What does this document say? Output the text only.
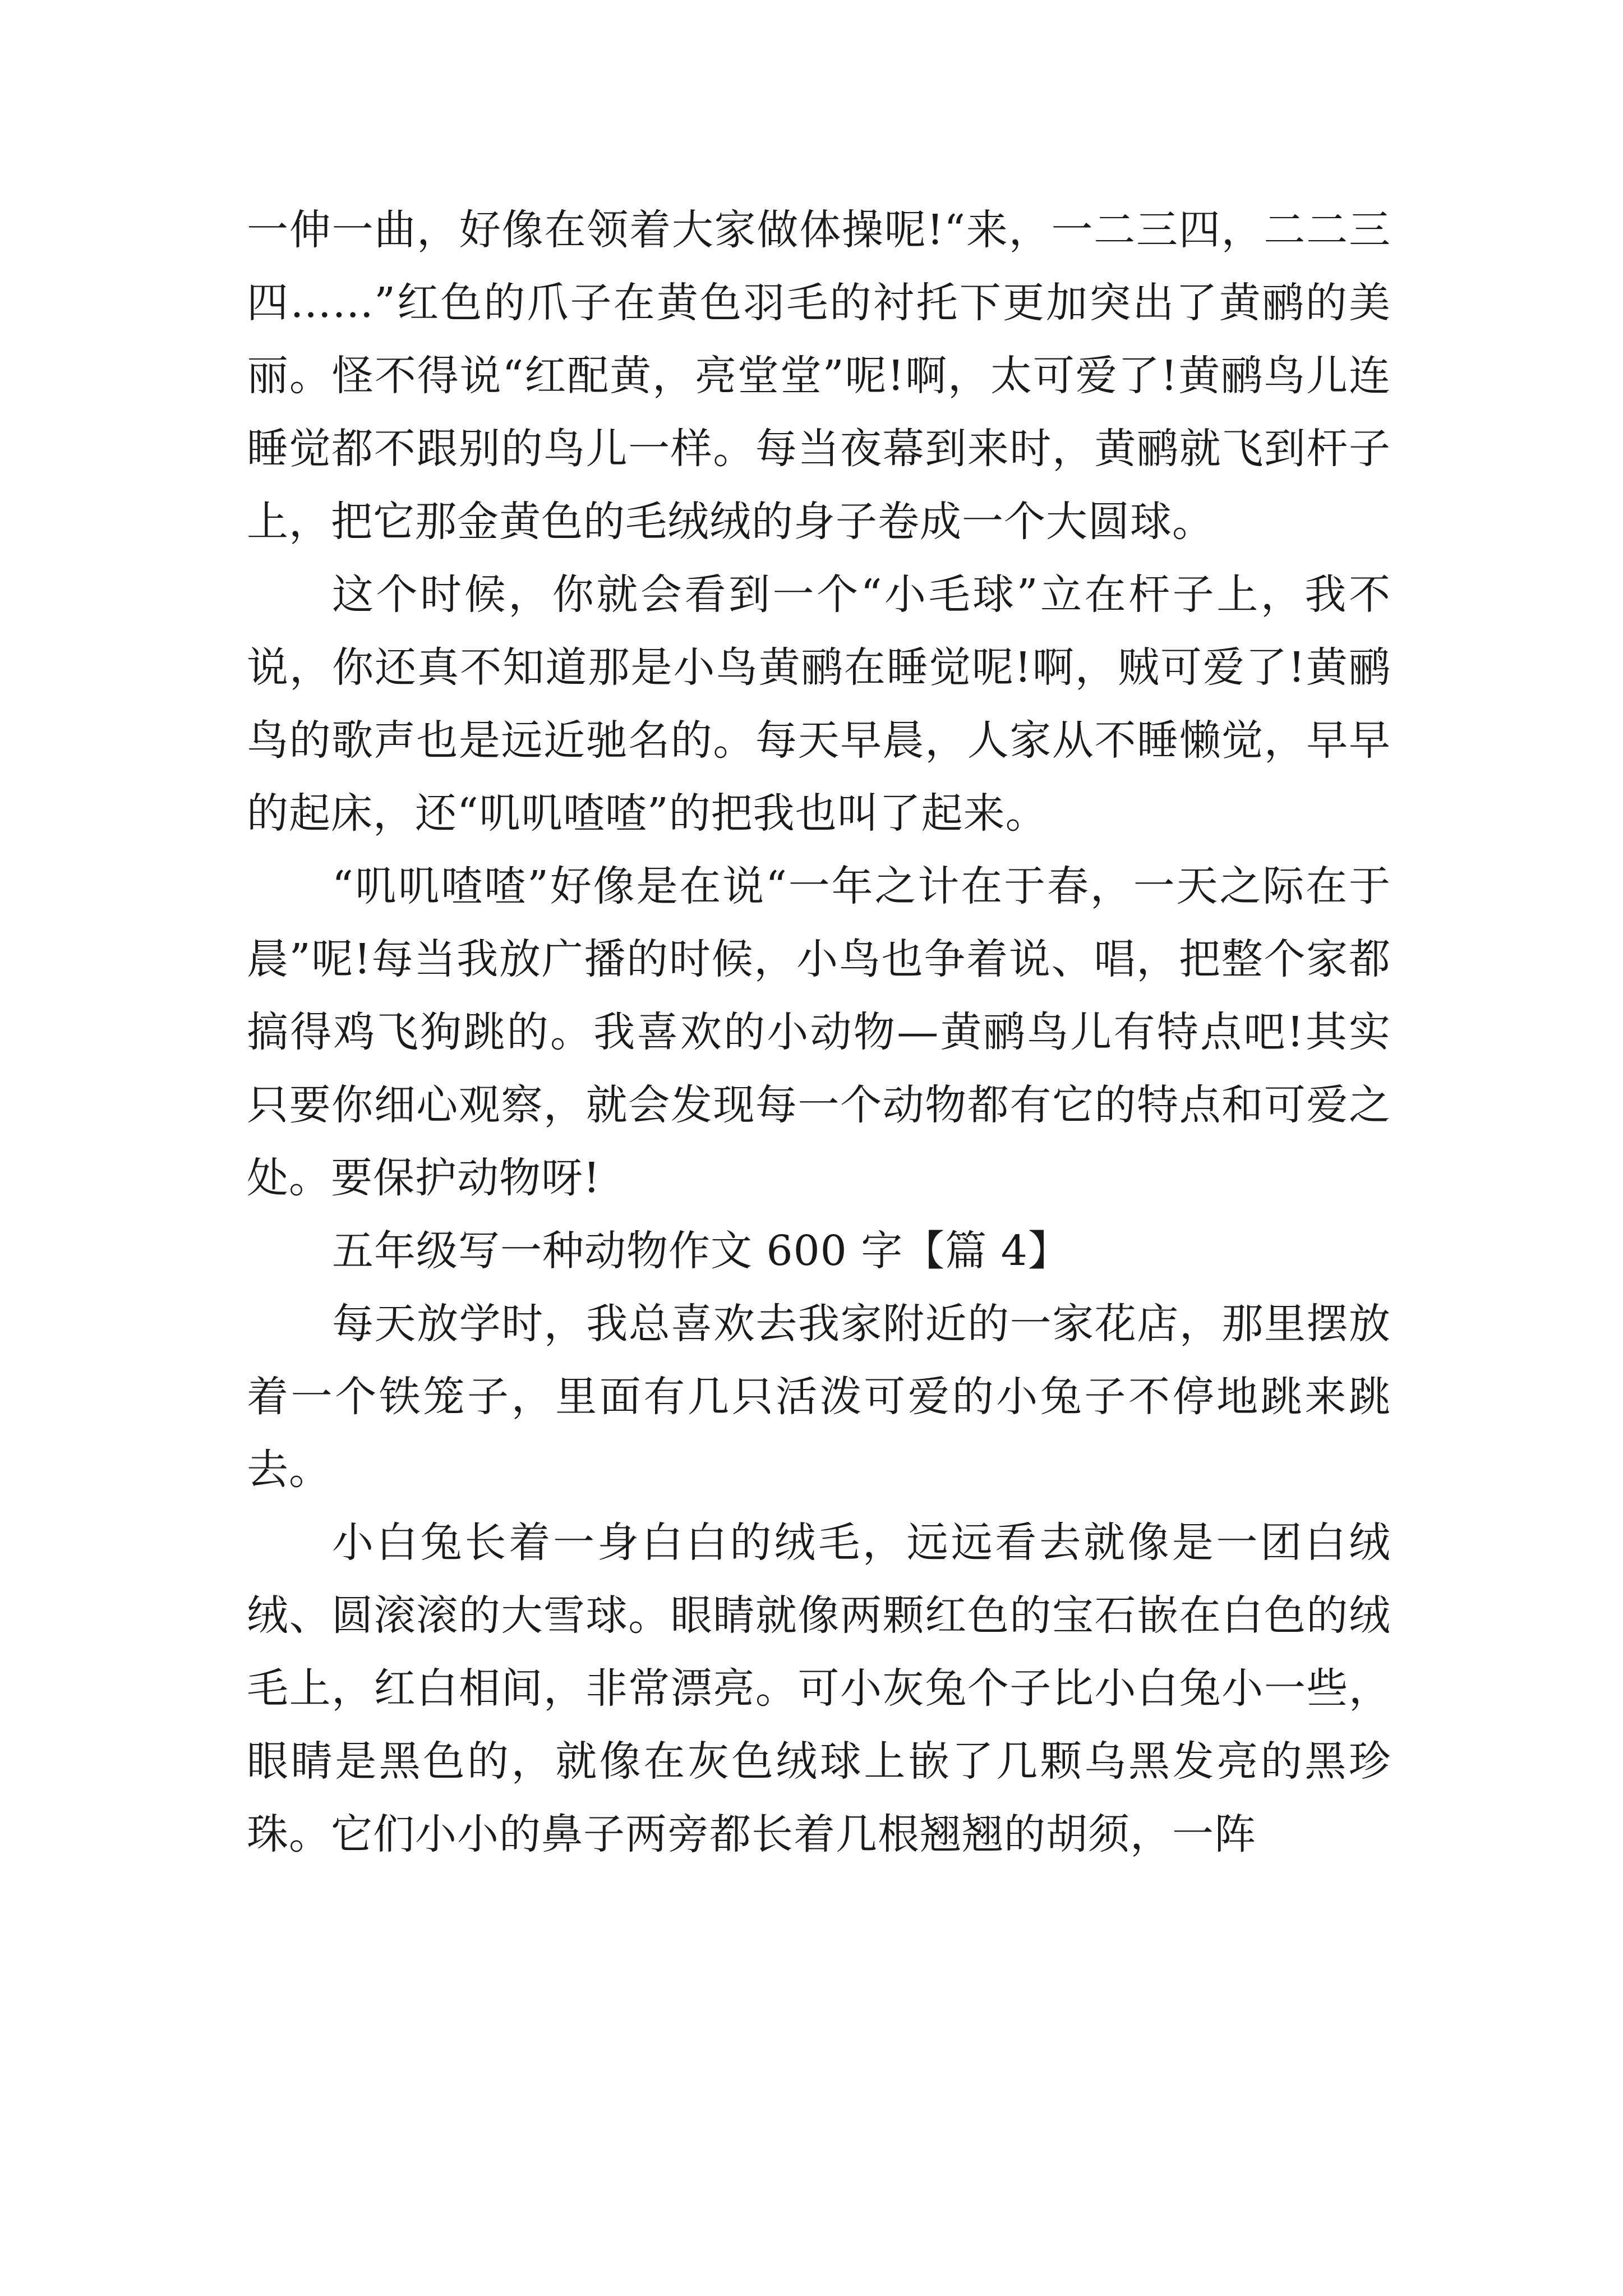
一伸一曲，好像在领着大家做体操呢!“来，一二三四，二二三四……”红色的爪子在黄色羽毛的衬托下更加突出了黄鹂的美丽。怪不得说“红配黄，亮堂堂”呢!啊，太可爱了!黄鹂鸟儿连睡觉都不跟别的鸟儿一样。每当夜幕到来时，黄鹂就飞到杆子上，把它那金黄色的毛绒绒的身子卷成一个大圆球。

这个时候，你就会看到一个“小毛球”立在杆子上，我不说，你还真不知道那是小鸟黄鹂在睡觉呢!啊，贼可爱了!黄鹂鸟的歌声也是远近驰名的。每天早晨，人家从不睡懒觉，早早的起床，还“叽叽喳喳”的把我也叫了起来。

“叽叽喳喳”好像是在说“一年之计在于春，一天之际在于晨”呢!每当我放广播的时候，小鸟也争着说、唱，把整个家都搞得鸡飞狗跳的。我喜欢的小动物—黄鹂鸟儿有特点吧!其实只要你细心观察，就会发现每一个动物都有它的特点和可爱之处。要保护动物呀!

五年级写一种动物作文 600 字【篇 4】

每天放学时，我总喜欢去我家附近的一家花店，那里摆放着一个铁笼子，里面有几只活泼可爱的小兔子不停地跳来跳去。

小白兔长着一身白白的绒毛，远远看去就像是一团白绒绒、圆滚滚的大雪球。眼睛就像两颗红色的宝石嵌在白色的绒毛上，红白相间，非常漂亮。可小灰兔个子比小白兔小一些，眼睛是黑色的，就像在灰色绒球上嵌了几颗乌黑发亮的黑珍珠。它们小小的鼻子两旁都长着几根翘翘的胡须，一阵
